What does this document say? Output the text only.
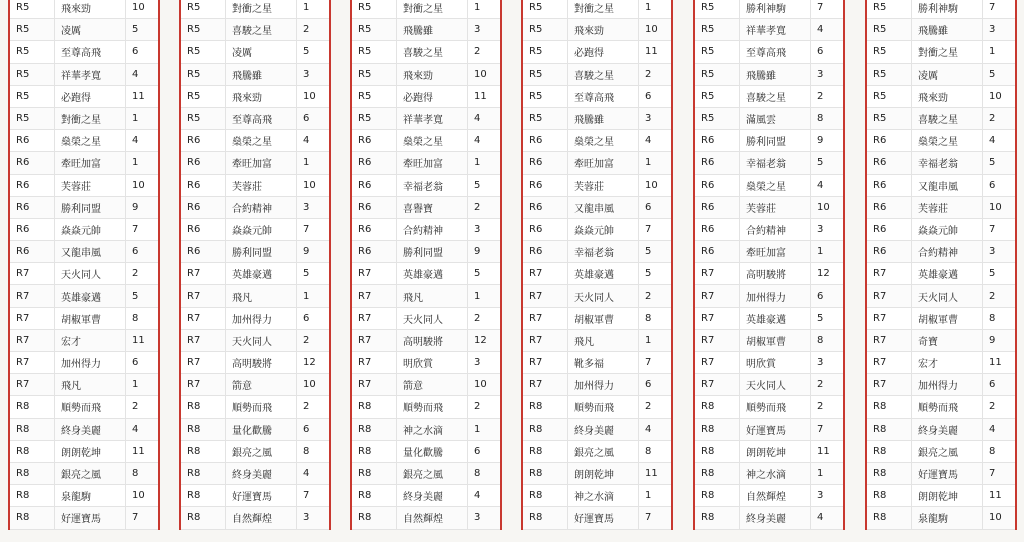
R5	飛來勁	10
R5	凌厲	5
R5	至尊高飛	6
R5	祥華孝寬	4
R5	必跑得	11
R5	對衝之星	1
R6	燊榮之星	4
R6	牽旺加富	1
R6	芙蓉莊	10
R6	勝利同盟	9
R6	焱焱元帥	7
R6	又龍串風	6
R7	天火同人	2
R7	英雄豪邁	5
R7	胡椒軍曹	8
R7	宏才	11
R7	加州得力	6
R7	飛凡	1
R8	順勢而飛	2
R8	終身美麗	4
R8	朗朗乾坤	11
R8	銀亮之風	8
R8	泉龍駒	10
R8	好運寶馬	7
R5	對衝之星	1
R5	喜駿之星	2
R5	凌厲	5
R5	飛騰雖	3
R5	飛來勁	10
R5	至尊高飛	6
R6	燊榮之星	4
R6	牽旺加富	1
R6	芙蓉莊	10
R6	合約精神	3
R6	焱焱元帥	7
R6	勝利同盟	9
R7	英雄豪邁	5
R7	飛凡	1
R7	加州得力	6
R7	天火同人	2
R7	高明駿將	12
R7	箭意	10
R8	順勢而飛	2
R8	量化歡騰	6
R8	銀亮之風	8
R8	終身美麗	4
R8	好運寶馬	7
R8	自然輝煌	3
R5	對衝之星	1
R5	飛騰雖	3
R5	喜駿之星	2
R5	飛來勁	10
R5	必跑得	11
R5	祥華孝寬	4
R6	燊榮之星	4
R6	牽旺加富	1
R6	幸福老翁	5
R6	喜譽寶	2
R6	合約精神	3
R6	勝利同盟	9
R7	英雄豪邁	5
R7	飛凡	1
R7	天火同人	2
R7	高明駿將	12
R7	明欣賞	3
R7	箭意	10
R8	順勢而飛	2
R8	神之水滴	1
R8	量化歡騰	6
R8	銀亮之風	8
R8	終身美麗	4
R8	自然輝煌	3
R5	對衝之星	1
R5	飛來勁	10
R5	必跑得	11
R5	喜駿之星	2
R5	至尊高飛	6
R5	飛騰雖	3
R6	燊榮之星	4
R6	牽旺加富	1
R6	芙蓉莊	10
R6	又龍串風	6
R6	焱焱元帥	7
R6	幸福老翁	5
R7	英雄豪邁	5
R7	天火同人	2
R7	胡椒軍曹	8
R7	飛凡	1
R7	靴多福	7
R7	加州得力	6
R8	順勢而飛	2
R8	終身美麗	4
R8	銀亮之風	8
R8	朗朗乾坤	11
R8	神之水滴	1
R8	好運寶馬	7
R5	勝利神駒	7
R5	祥華孝寬	4
R5	至尊高飛	6
R5	飛騰雖	3
R5	喜駿之星	2
R5	滿風雲	8
R6	勝利同盟	9
R6	幸福老翁	5
R6	燊榮之星	4
R6	芙蓉莊	10
R6	合約精神	3
R6	牽旺加富	1
R7	高明駿將	12
R7	加州得力	6
R7	英雄豪邁	5
R7	胡椒軍曹	8
R7	明欣賞	3
R7	天火同人	2
R8	順勢而飛	2
R8	好運寶馬	7
R8	朗朗乾坤	11
R8	神之水滴	1
R8	自然輝煌	3
R8	終身美麗	4
R5	勝利神駒	7
R5	飛騰雖	3
R5	對衝之星	1
R5	凌厲	5
R5	飛來勁	10
R5	喜駿之星	2
R6	燊榮之星	4
R6	幸福老翁	5
R6	又龍串風	6
R6	芙蓉莊	10
R6	焱焱元帥	7
R6	合約精神	3
R7	英雄豪邁	5
R7	天火同人	2
R7	胡椒軍曹	8
R7	奇寶	9
R7	宏才	11
R7	加州得力	6
R8	順勢而飛	2
R8	終身美麗	4
R8	銀亮之風	8
R8	好運寶馬	7
R8	朗朗乾坤	11
R8	泉龍駒	10
